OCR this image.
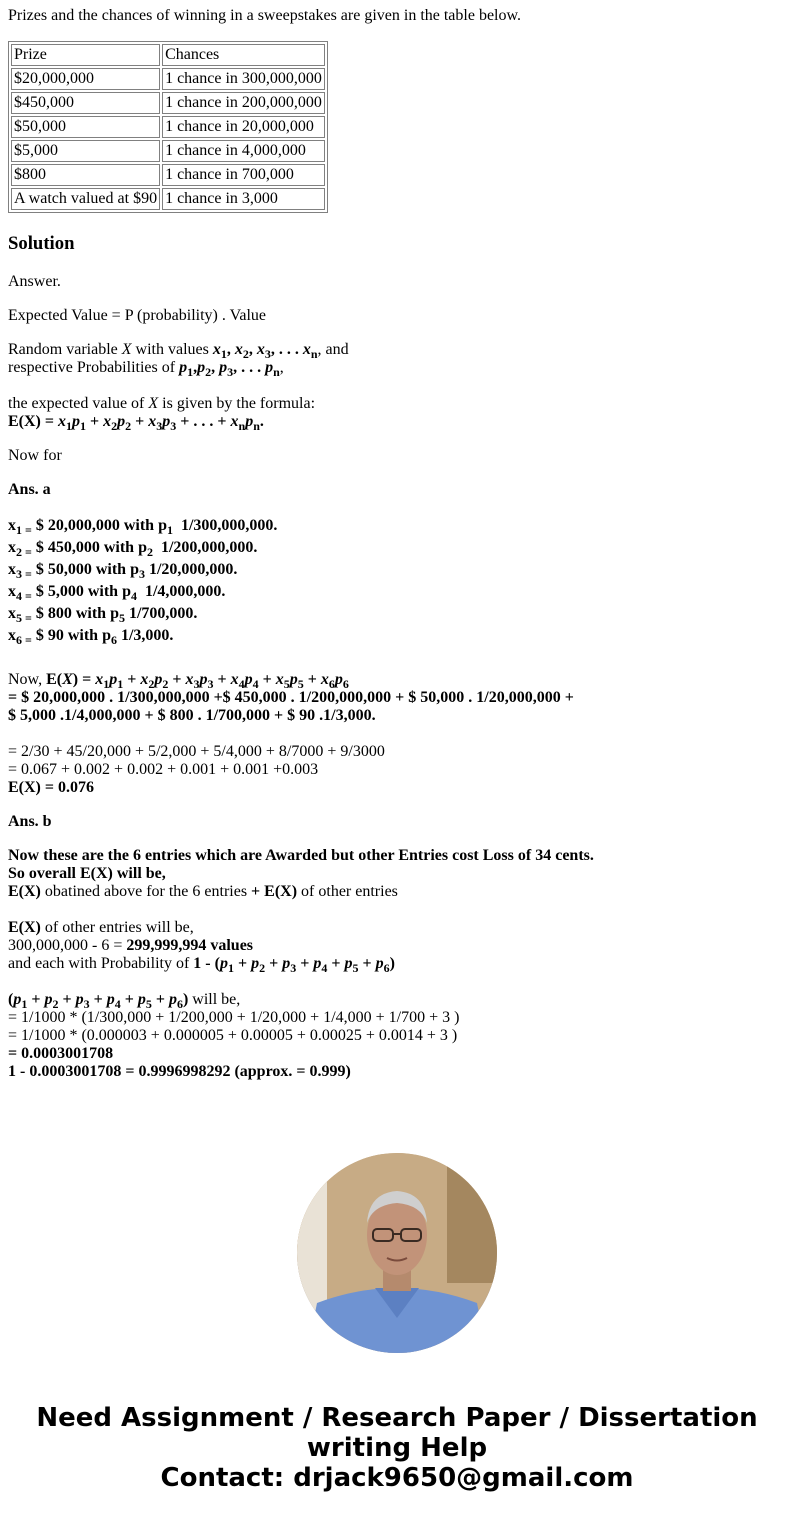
Prizes and the chances of winning in a sweepstakes are given in the table below.

Prize	Chances
$20,000,000	1 chance in 300,000,000
$450,000	1 chance in 200,000,000
$50,000	1 chance in 20,000,000
$5,000	1 chance in 4,000,000
$800	1 chance in 700,000
A watch valued at $90	1 chance in 3,000
Solution

Answer.

Expected Value = P (probability) . Value

Random variable X with values $x_1$, $x_2$, $x_3$, . . . $x_n$, and
respective Probabilities of $p_1,p_2$, $p_3$, . . . $p_n$,

the expected value of X is given by the formula:
$E(X) = x_1p_1 + x_2p_2 + x_3p_3$ + . . . + $x_np_n$.

Now for

Ans. a

$x_1$ $_=$ $ 20,000,000 with $p_1$  1/300,000,000.
$x_2$ $_=$ $ 450,000 with $p_2$  1/200,000,000.
$x_3$ $_=$ $ 50,000 with $p_3$ 1/20,000,000.
$x_4$ $_=$ $ 5,000 with $p_4$  1/4,000,000.
$x_5$ $_=$ $ 800 with $p_5$ 1/700,000.
$x_6$ $_=$ $ 90 with $p_6$ 1/3,000.

Now, $E(X) = x_1p_1 + x_2p_2 + x_3p_3 + x_4p_4 + x_5p_5 + x_6p_6$
= $ 20,000,000 . 1/300,000,000 +$ 450,000 . 1/200,000,000 + $ 50,000 . 1/20,000,000 +
$ 5,000 .1/4,000,000 + $ 800 . 1/700,000 + $ 90 .1/3,000.

= 2/30 + 45/20,000 + 5/2,000 + 5/4,000 + 8/7000 + 9/3000
= 0.067 + 0.002 + 0.002 + 0.001 + 0.001 +0.003
E(X) = 0.076

Ans. b

Now these are the 6 entries which are Awarded but other Entries cost Loss of 34 cents.
So overall E(X) will be,
E(X) obatined above for the 6 entries + E(X) of other entries

E(X) of other entries will be,
300,000,000 - 6 = 299,999,994 values
and each with Probability of $1 - (p_1 + p_2 + p_3 + p_4 + p_5 + p_6)$

$(p_1 + p_2 + p_3 + p_4 + p_5 + p_6)$ will be,
= 1/1000 * (1/300,000 + 1/200,000 + 1/20,000 + 1/4,000 + 1/700 + 3 )
= 1/1000 * (0.000003 + 0.000005 + 0.00005 + 0.00025 + 0.0014 + 3 )
= 0.0003001708
1 - 0.0003001708 = 0.9996998292 (approx. = 0.999)

Need Assignment / Research Paper / Dissertation
writing Help
Contact: drjack9650@gmail.com
